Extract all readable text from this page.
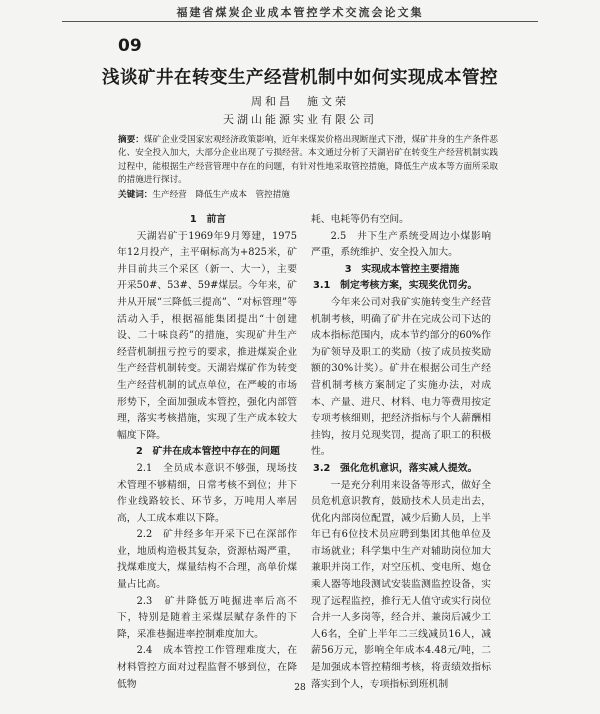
福建省煤炭企业成本管控学术交流会论文集
09
浅谈矿井在转变生产经营机制中如何实现成本管控
周和昌　施文荣
天湖山能源实业有限公司
摘要：煤矿企业受国家宏观经济政策影响，近年来煤炭价格出现断崖式下滑，煤矿井身的生产条件恶化、安全投入加大，大部分企业出现了亏损经营。本文通过分析了天湖岩矿在转变生产经营机制实践过程中，能根据生产经营管理中存在的问题，有针对性地采取管控措施，降低生产成本等方面所采取的措施进行探讨。
关键词：生产经营　降低生产成本　管控措施
1　前言

天湖岩矿于1969年9月筹建，1975年12月投产，主平硐标高为+825米，矿井目前共三个采区（新一、大一），主要开采50#、53#、59#煤层。今年来，矿井从开展“三降低三提高”、“对标管理”等活动入手，根据福能集团提出“十创建设、二十味良药”的措施，实现矿井生产经营机制扭亏控亏的要求，推进煤炭企业生产经营机制转变。天湖岩煤矿作为转变生产经营机制的试点单位，在严峻的市场形势下，全面加强成本管控，强化内部管理，落实考核措施，实现了生产成本较大幅度下降。

2　矿井在成本管控中存在的问题

2.1　全员成本意识不够强，现场技术管理不够精细，日常考核不到位；井下作业线路较长、环节多，万吨用人率居高，人工成本难以下降。

2.2　矿井经多年开采下已在深部作业，地质构造极其复杂，资源枯竭严重，找煤难度大，煤量结构不合理，高单价煤量占比高。

2.3　矿井降低万吨掘进率后高不下，特别是随着主采煤层赋存条件的下降，采准巷掘进率控制难度加大。

2.4　成本管控工作管理难度大，在材料管控方面对过程监督不够到位，在降低物

耗、电耗等仍有空间。

2.5　井下生产系统受周边小煤影响严重，系统维护、安全投入加大。

3　实现成本管控主要措施
3.1　制定考核方案，实现奖优罚劣。

今年来公司对我矿实施转变生产经营机制考核，明确了矿井在完成公司下达的成本指标范围内，成本节约部分的60%作为矿领导及职工的奖励（按了成员按奖励额的30%计奖）。矿井在根据公司生产经营机制考核方案制定了实施办法，对成本、产量、进尺、材料、电力等费用按定专项考核细则，把经济指标与个人薪酬相挂钩，按月兑现奖罚，提高了职工的积极性。

3.2　强化危机意识，落实减人提效。

一是充分利用来设备等形式，做好全员危机意识教育，鼓励技术人员走出去，优化内部岗位配置，减少后勤人员，上半年已有6位技术员应聘到集团其他单位及市场就业；科学集中生产对辅助岗位加大兼职并岗工作，对空压机、变电所、炮仓乘人器等地段测试安装监测监控设备，实现了远程监控，推行无人值守或实行岗位合并一人多岗等，经合并、兼岗后减少工人6名，全矿上半年二三线减员16人，减薪56万元，影响全年成本4.48元/吨，二是加强成本管控精细考核，将责绩效指标落实到个人，专项指标到班机制

28
